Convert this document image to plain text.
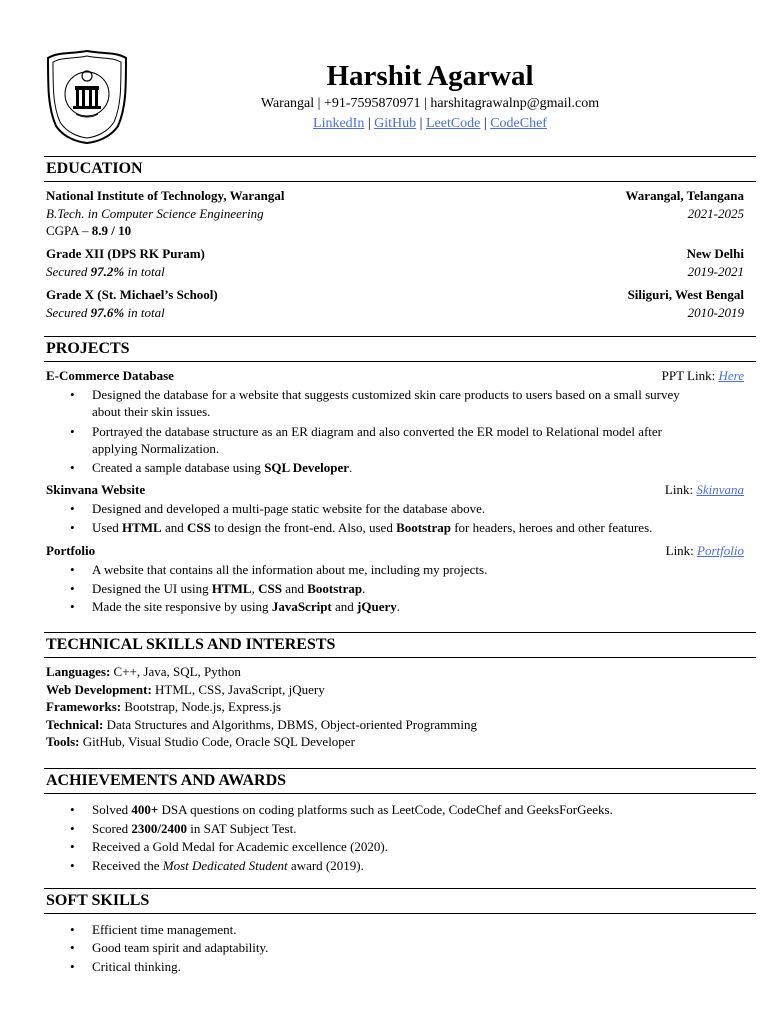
Harshit Agarwal
Warangal | +91-7595870971 | harshitagrawalnp@gmail.com
LinkedIn | GitHub | LeetCode | CodeChef
EDUCATION
National Institute of Technology, Warangal	Warangal, Telangana
B.Tech. in Computer Science Engineering	2021-2025
CGPA – 8.9 / 10
Grade XII (DPS RK Puram)	New Delhi
Secured 97.2% in total	2019-2021
Grade X (St. Michael’s School)	Siliguri, West Bengal
Secured 97.6% in total	2010-2019
PROJECTS
E-Commerce Database	PPT Link: Here
• Designed the database for a website that suggests customized skin care products to users based on a small survey
about their skin issues.
• Portrayed the database structure as an ER diagram and also converted the ER model to Relational model after
applying Normalization.
• Created a sample database using SQL Developer.
Skinvana Website	Link: Skinvana
• Designed and developed a multi-page static website for the database above.
• Used HTML and CSS to design the front-end. Also, used Bootstrap for headers, heroes and other features.
Portfolio	Link: Portfolio
• A website that contains all the information about me, including my projects.
• Designed the UI using HTML, CSS and Bootstrap.
• Made the site responsive by using JavaScript and jQuery.
TECHNICAL SKILLS AND INTERESTS
Languages: C++, Java, SQL, Python
Web Development: HTML, CSS, JavaScript, jQuery
Frameworks: Bootstrap, Node.js, Express.js
Technical: Data Structures and Algorithms, DBMS, Object-oriented Programming
Tools: GitHub, Visual Studio Code, Oracle SQL Developer
ACHIEVEMENTS AND AWARDS
• Solved 400+ DSA questions on coding platforms such as LeetCode, CodeChef and GeeksForGeeks.
• Scored 2300/2400 in SAT Subject Test.
• Received a Gold Medal for Academic excellence (2020).
• Received the Most Dedicated Student award (2019).
SOFT SKILLS
• Efficient time management.
• Good team spirit and adaptability.
• Critical thinking.
